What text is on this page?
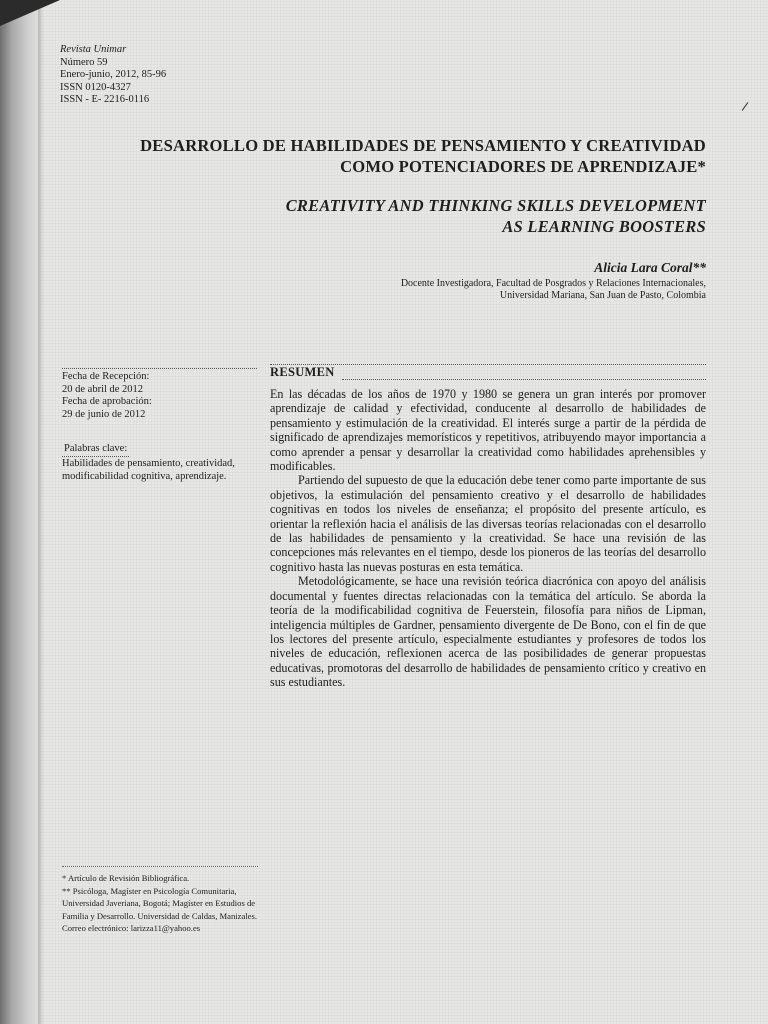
Revista Unimar
Número 59
Enero-junio, 2012, 85-96
ISSN 0120-4327
ISSN - E- 2216-0116
DESARROLLO DE HABILIDADES DE PENSAMIENTO Y CREATIVIDAD
COMO POTENCIADORES DE APRENDIZAJE*
CREATIVITY AND THINKING SKILLS DEVELOPMENT
AS LEARNING BOOSTERS
Alicia Lara Coral**
Docente Investigadora, Facultad de Posgrados y Relaciones Internacionales,
Universidad Mariana, San Juan de Pasto, Colombia
Fecha de Recepción:
20 de abril de 2012
Fecha de aprobación:
29 de junio de 2012
Palabras clave:
Habilidades de pensamiento, creatividad, modificabilidad cognitiva, aprendizaje.
RESUMEN

En las décadas de los años de 1970 y 1980 se genera un gran interés por promover aprendizaje de calidad y efectividad, conducente al desarrollo de habilidades de pensamiento y estimulación de la creatividad. El interés surge a partir de la pérdida de significado de aprendizajes memorísticos y repetitivos, atribuyendo mayor importancia a como aprender a pensar y desarrollar la creatividad como habilidades aprehensibles y modificables.

Partiendo del supuesto de que la educación debe tener como parte importante de sus objetivos, la estimulación del pensamiento creativo y el desarrollo de habilidades cognitivas en todos los niveles de enseñanza; el propósito del presente artículo, es orientar la reflexión hacia el análisis de las diversas teorías relacionadas con el desarrollo de las habilidades de pensamiento y la creatividad. Se hace una revisión de las concepciones más relevantes en el tiempo, desde los pioneros de las teorías del desarrollo cognitivo hasta las nuevas posturas en esta temática.

Metodológicamente, se hace una revisión teórica diacrónica con apoyo del análisis documental y fuentes directas relacionadas con la temática del artículo. Se aborda la teoría de la modificabilidad cognitiva de Feuerstein, filosofía para niños de Lipman, inteligencia múltiples de Gardner, pensamiento divergente de De Bono, con el fin de que los lectores del presente artículo, especialmente estudiantes y profesores de todos los niveles de educación, reflexionen acerca de las posibilidades de generar propuestas educativas, promotoras del desarrollo de habilidades de pensamiento crítico y creativo en sus estudiantes.

* Artículo de Revisión Bibliográfica.
** Psicóloga, Magíster en Psicología Comunitaria, Universidad Javeriana, Bogotá; Magíster en Estudios de Familia y Desarrollo. Universidad de Caldas, Manizales. Correo electrónico: larizza11@yahoo.es
